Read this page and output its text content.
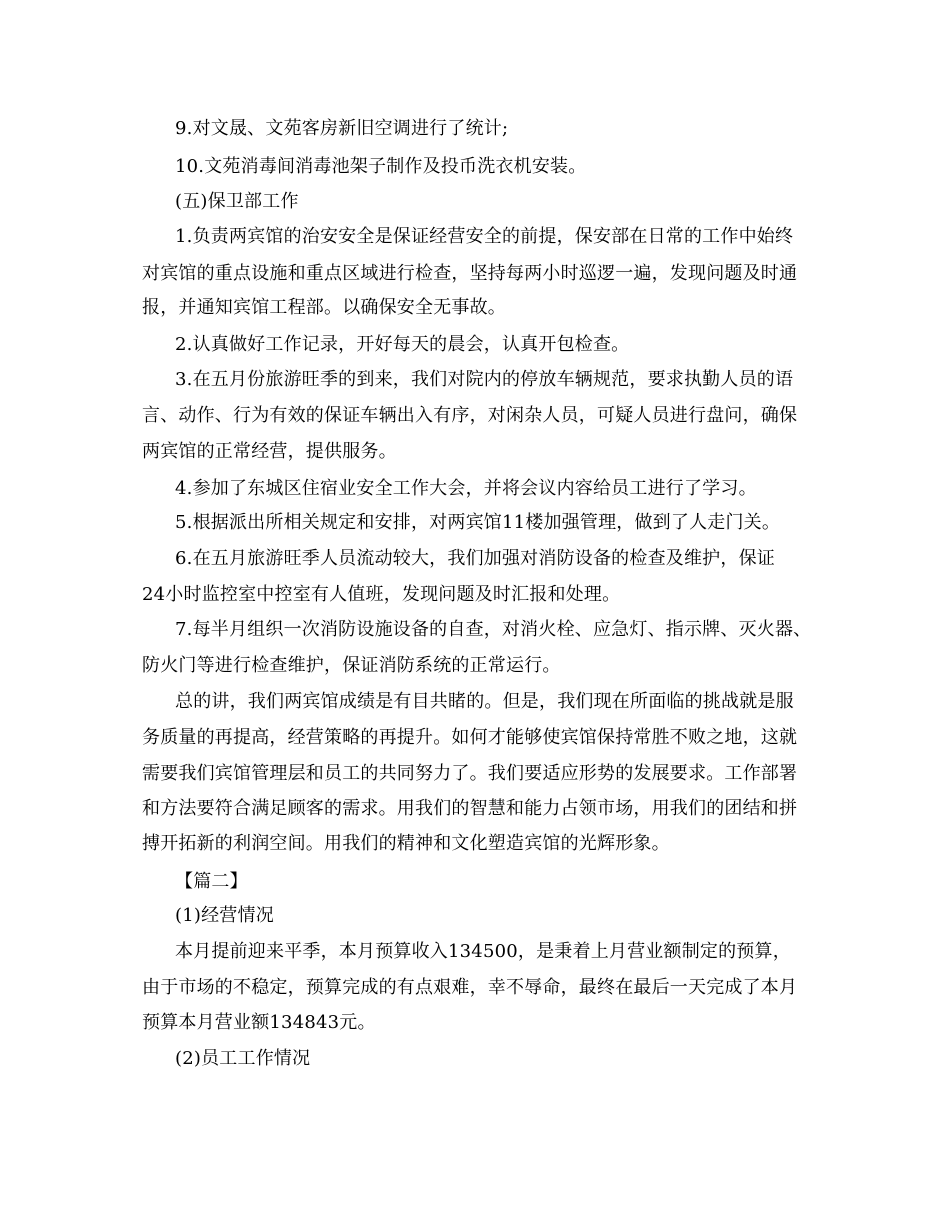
9.对文晟、文苑客房新旧空调进行了统计;
10.文苑消毒间消毒池架子制作及投币洗衣机安装。
(五)保卫部工作
1.负责两宾馆的治安安全是保证经营安全的前提，保安部在日常的工作中始终
对宾馆的重点设施和重点区域进行检查，坚持每两小时巡逻一遍，发现问题及时通
报，并通知宾馆工程部。以确保安全无事故。
2.认真做好工作记录，开好每天的晨会，认真开包检查。
3.在五月份旅游旺季的到来，我们对院内的停放车辆规范，要求执勤人员的语
言、动作、行为有效的保证车辆出入有序，对闲杂人员，可疑人员进行盘问，确保
两宾馆的正常经营，提供服务。
4.参加了东城区住宿业安全工作大会，并将会议内容给员工进行了学习。
5.根据派出所相关规定和安排，对两宾馆11楼加强管理，做到了人走门关。
6.在五月旅游旺季人员流动较大，我们加强对消防设备的检查及维护，保证
24小时监控室中控室有人值班，发现问题及时汇报和处理。
7.每半月组织一次消防设施设备的自查，对消火栓、应急灯、指示牌、灭火器、
防火门等进行检查维护，保证消防系统的正常运行。
总的讲，我们两宾馆成绩是有目共睹的。但是，我们现在所面临的挑战就是服
务质量的再提高，经营策略的再提升。如何才能够使宾馆保持常胜不败之地，这就
需要我们宾馆管理层和员工的共同努力了。我们要适应形势的发展要求。工作部署
和方法要符合满足顾客的需求。用我们的智慧和能力占领市场，用我们的团结和拼
搏开拓新的利润空间。用我们的精神和文化塑造宾馆的光辉形象。
【篇二】
(1)经营情况
本月提前迎来平季，本月预算收入134500，是秉着上月营业额制定的预算，
由于市场的不稳定，预算完成的有点艰难，幸不辱命，最终在最后一天完成了本月
预算本月营业额134843元。
(2)员工工作情况
